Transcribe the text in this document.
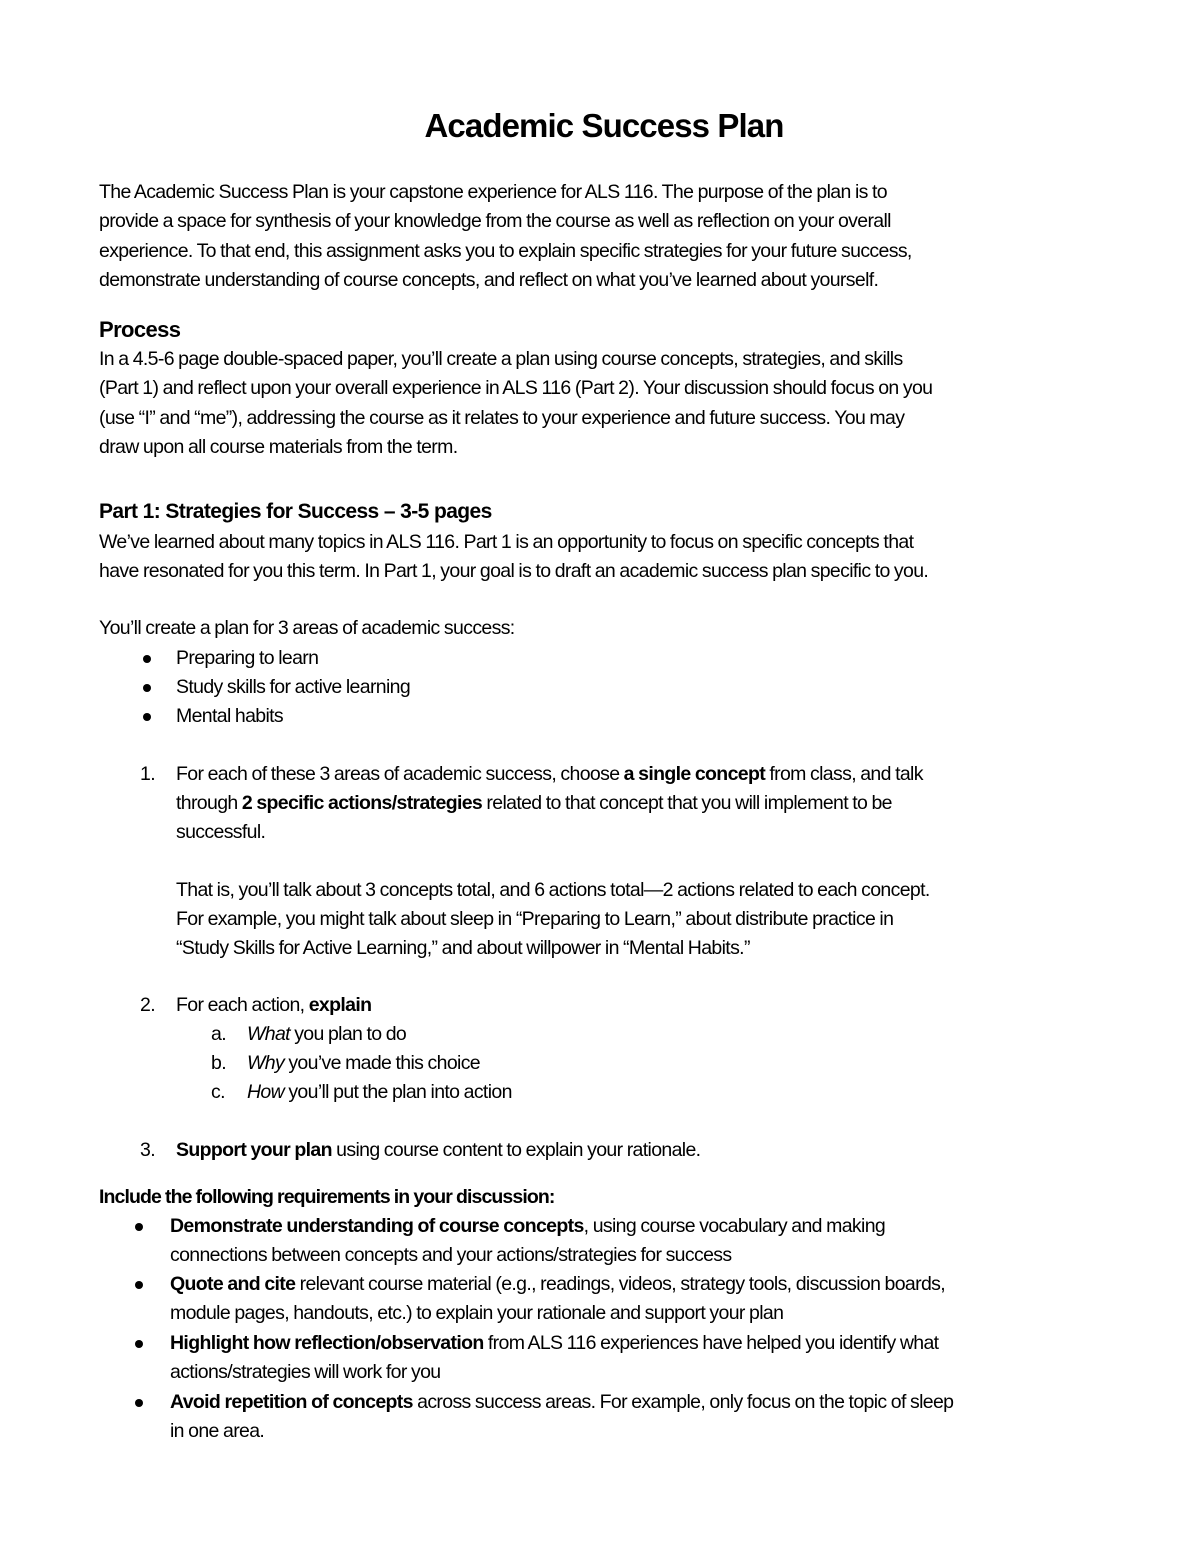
Academic Success Plan

The Academic Success Plan is your capstone experience for ALS 116. The purpose of the plan is to
provide a space for synthesis of your knowledge from the course as well as reflection on your overall
experience. To that end, this assignment asks you to explain specific strategies for your future success,
demonstrate understanding of course concepts, and reflect on what you’ve learned about yourself.

Process

In a 4.5-6 page double-spaced paper, you’ll create a plan using course concepts, strategies, and skills
(Part 1) and reflect upon your overall experience in ALS 116 (Part 2). Your discussion should focus on you
(use “I” and “me”), addressing the course as it relates to your experience and future success. You may
draw upon all course materials from the term.

Part 1: Strategies for Success – 3-5 pages

We’ve learned about many topics in ALS 116. Part 1 is an opportunity to focus on specific concepts that
have resonated for you this term. In Part 1, your goal is to draft an academic success plan specific to you.

You’ll create a plan for 3 areas of academic success:

Preparing to learn
Study skills for active learning
Mental habits
1. For each of these 3 areas of academic success, choose a single concept from class, and talk
through 2 specific actions/strategies related to that concept that you will implement to be
successful.
That is, you’ll talk about 3 concepts total, and 6 actions total—2 actions related to each concept.
For example, you might talk about sleep in “Preparing to Learn,” about distribute practice in
“Study Skills for Active Learning,” and about willpower in “Mental Habits.”
2. For each action, explain
a. What you plan to do
b. Why you’ve made this choice
c. How you’ll put the plan into action
3. Support your plan using course content to explain your rationale.

Include the following requirements in your discussion:

Demonstrate understanding of course concepts, using course vocabulary and making
connections between concepts and your actions/strategies for success
Quote and cite relevant course material (e.g., readings, videos, strategy tools, discussion boards,
module pages, handouts, etc.) to explain your rationale and support your plan
Highlight how reflection/observation from ALS 116 experiences have helped you identify what
actions/strategies will work for you
Avoid repetition of concepts across success areas. For example, only focus on the topic of sleep
in one area.
